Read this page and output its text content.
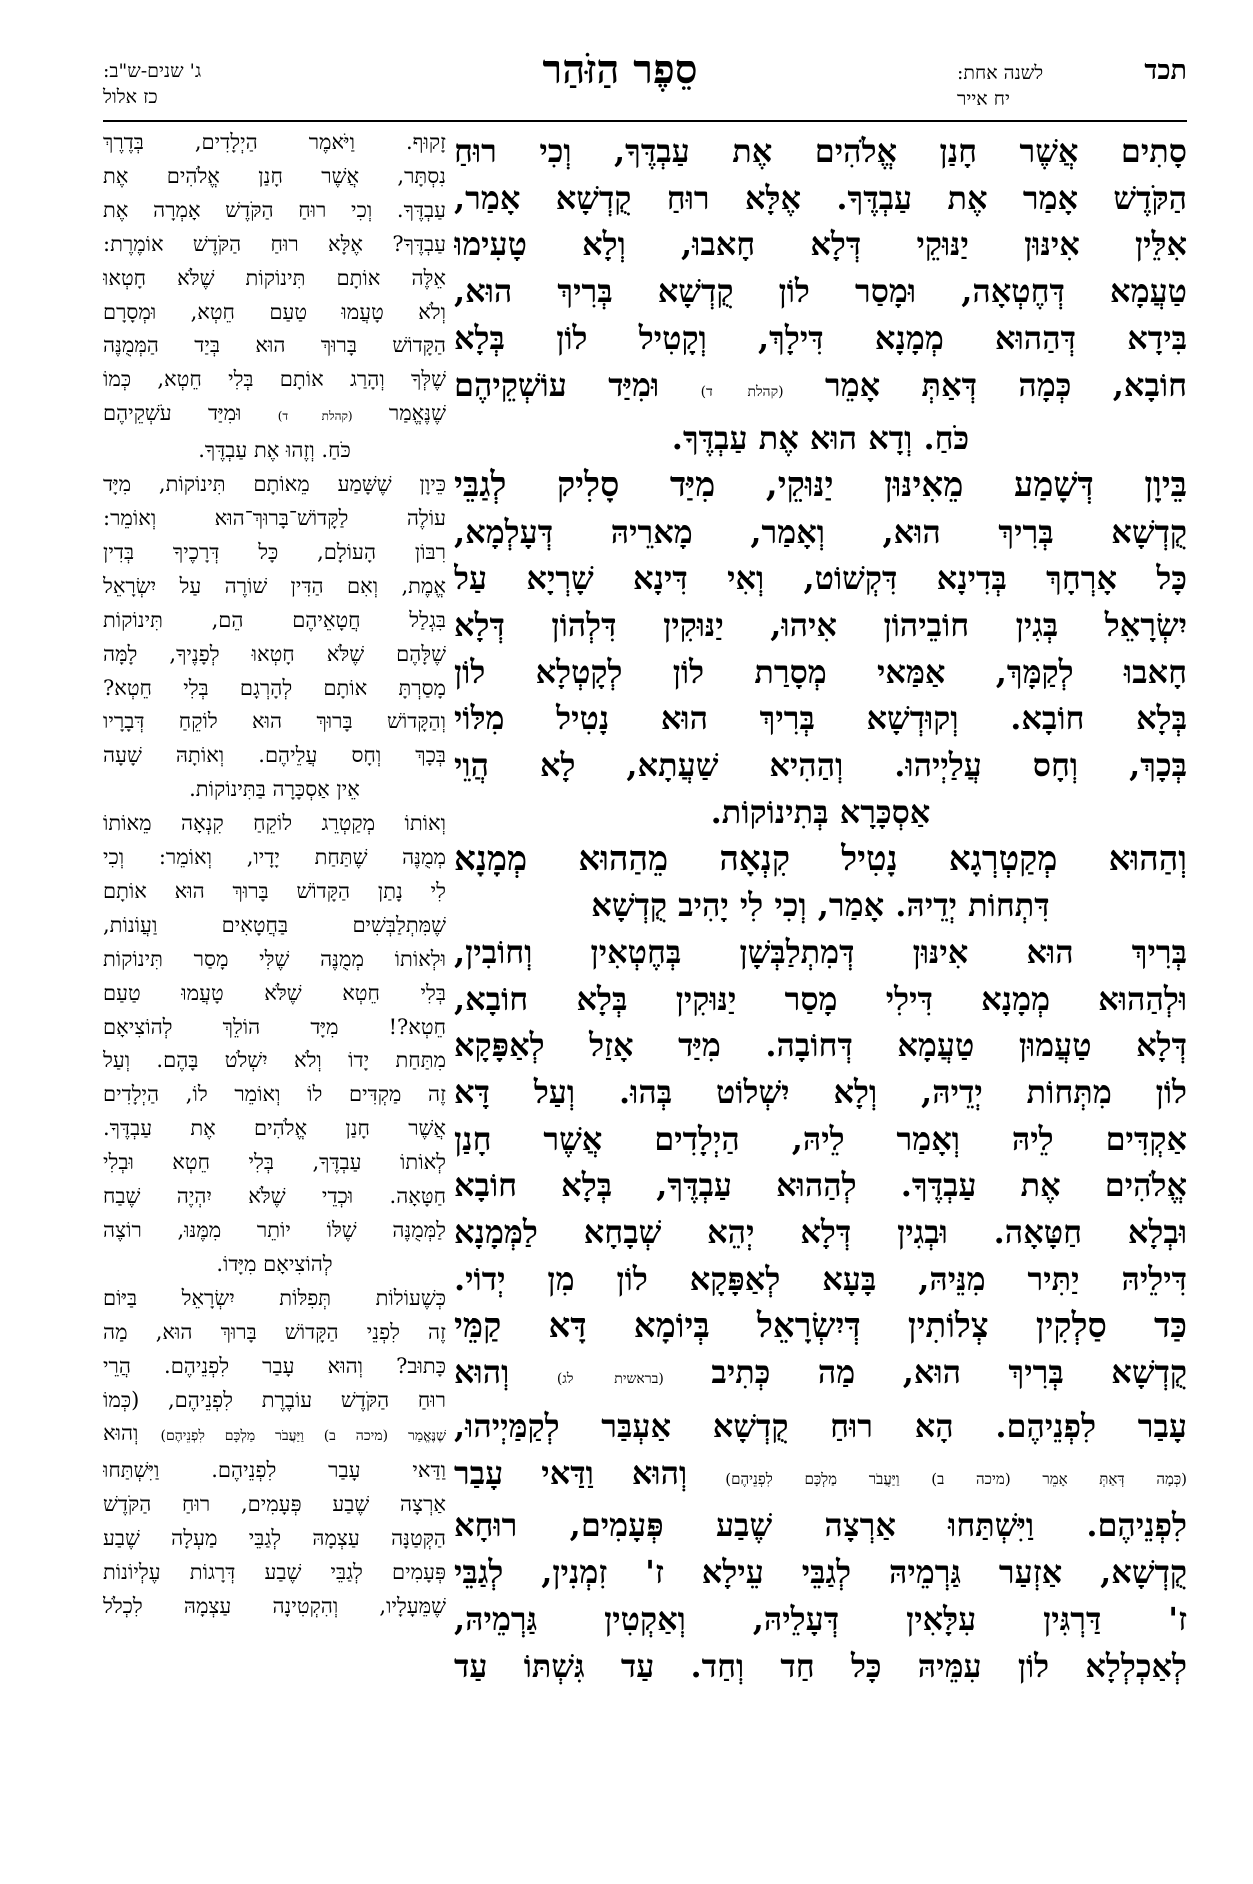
תכד
לשנה אחת:
יח אייר
סֵפֶר הַזֹּהַר
ג' שנים-ש"ב:
כז אלול
סָתִים אֲשֶׁר חָנַן אֱלֹהִים אֶת עַבְדֶּךָ, וְכִי רוּחַ
הַקֹּדֶשׁ אָמַר אֶת עַבְדֶּךָ. אֶלָּא רוּחַ קֻדְשָׁא אָמַר,
אִלֵּין אִינּוּן יַנּוּקֵי דְּלָא חָאבוּ, וְלָא טָעִימוּ
טַעֲמָא דְּחֶטְאָה, וּמָסַר לוֹן קֻדְשָׁא בְּרִיךְ הוּא,
בִּידָא דְּהַהוּא מְמָנָא דִּילָךְ, וְקָטִיל לוֹן בְּלָא
חוֹבָא, כְּמָה דְּאַתְּ אָמֵר (קהלת ד) וּמִיַּד עוֹשְׁקֵיהֶם
כֹּחַ. וְדָא הוּא אֶת עַבְדֶּךָ.
בֵּיוָן דְּשָׁמַע מֵאִינּוּן יַנּוּקֵי, מִיַּד סָלִיק לְגַבֵּי
קֻדְשָׁא בְּרִיךְ הוּא, וְאָמַר, מָארֵיהּ דְּעָלְמָא,
כָּל אָרְחָךְ בְּדִינָא דִּקְשׁוֹט, וְאִי דִּינָא שָׁרְיָא עַל
יִשְׂרָאֵל בְּגִין חוֹבֵיהוֹן אִיהוּ, יַנּוּקִין דִּלְהוֹן דְּלָא
חָאבוּ לְקַמָּךְ, אַמַּאי מְסָרַת לוֹן לְקָטְלָא לוֹן
בְּלָא חוֹבָא. וְקוּדְשָׁא בְּרִיךְ הוּא נָטִיל מִלּוֹי
בְּכָךְ, וְחָס עֲלַיְיהוּ. וְהַהִיא שַׁעֲתָא, לָא הֲוֵי
אַסְכָּרָא בְּתִינוֹקוֹת.
וְהַהוּא מְקַטְרְגָא נָטִיל קִנְאָה מֵהַהוּא מְמָנָא
דִּתְחוֹת יְדֵיהּ. אָמַר, וְכִי לִי יָהִיב קֻדְשָׁא
בְּרִיךְ הוּא אִינּוּן דְּמִתְלַבְּשָׁן בְּחֶטְאִין וְחוֹבִין,
וּלְהַהוּא מְמָנָא דִּילִי מָסַר יַנּוּקִין בְּלָא חוֹבָא,
דְּלָא טַעֲמוּן טַעֲמָא דְּחוֹבָה. מִיַּד אָזַל לְאַפָּקָא
לוֹן מִתְּחוֹת יְדֵיהּ, וְלָא יִשְׁלוֹט בְּהוּ. וְעַל דָּא
אַקְדִּים לֵיהּ וְאָמַר לֵיהּ, הַיְלָדִים אֲשֶׁר חָנַן
אֱלֹהִים אֶת עַבְדֶּךָ. לְהַהוּא עַבְדֶּךָ, בְּלָא חוֹבָא
וּבְלָא חַטָּאָה. וּבְגִין דְּלָא יְהֵא שְׁבָחָא לַמְּמָנָא
דִּילֵיהּ יַתִּיר מִנֵּיהּ, בָּעָא לְאַפָּקָא לוֹן מִן יְדוֹי.
כַּד סַלְקִין צְלוֹתִין דְּיִשְׂרָאֵל בְּיוֹמָא דָּא קַמֵּי
קֻדְשָׁא בְּרִיךְ הוּא, מַה כְּתִיב (בראשית לג) וְהוּא
עָבַר לִפְנֵיהֶם. הָא רוּחַ קֻדְשָׁא אַעְבַּר לְקַמַּיְיהוּ,
(כְּמָה דְּאַתְּ אָמֵר (מיכה ב) וַיַּעֲבֹר מַלְכָּם לִפְנֵיהֶם) וְהוּא וַדַּאי עָבַר
לִפְנֵיהֶם. וַיִּשְׁתַּחוּ אַרְצָה שֶׁבַע פְּעָמִים, רוּחָא
קֻדְשָׁא, אַזְעַר גַּרְמֵיהּ לְגַבֵּי עֵילָא ז' זִמְנִין, לְגַבֵּי
ז' דַּרְגִּין עִלָּאִין דְּעָלֵיהּ, וְאַקְטִין גַּרְמֵיהּ,
לְאַכְלְלָא לוֹן עִמֵּיהּ כָּל חַד וְחַד. עַד גִּשְׁתּוֹ עַד
זָקוּף. וַיֹּאמֶר הַיְלָדִים, בְּדֶרֶךְ
נִסְתָּר, אֲשֶׁר חָנַן אֱלֹהִים אֶת
עַבְדֶּךָ. וְכִי רוּחַ הַקֹּדֶשׁ אָמְרָה אֶת
עַבְדֶּךָ? אֶלָּא רוּחַ הַקֹּדֶשׁ אוֹמֶרֶת:
אֵלֶּה אוֹתָם תִּינוֹקוֹת שֶׁלֹּא חָטְאוּ
וְלֹא טָעֲמוּ טַעַם חֵטְא, וּמְסָרָם
הַקָּדוֹשׁ בָּרוּךְ הוּא בְּיַד הַמְּמֻנֶּה
שֶׁלְּךָ וְהָרַג אוֹתָם בְּלִי חֵטְא, כְּמוֹ
שֶׁנֶּאֱמַר (קהלת ד) וּמִיַּד עֹשְׁקֵיהֶם
כֹּחַ. וְזֶהוּ אֶת עַבְדֶּךָ.
כֵּיוָן שֶׁשָּׁמַע מֵאוֹתָם תִּינוֹקוֹת, מִיָּד
עוֹלֶה לַקָּדוֹשׁ־בָּרוּךְ־הוּא וְאוֹמֵר:
רִבּוֹן הָעוֹלָם, כָּל דְּרָכֶיךָ בְּדִין
אֱמֶת, וְאִם הַדִּין שׁוֹרֶה עַל יִשְׂרָאֵל
בִּגְלַל חֲטָאֵיהֶם הֵם, תִּינוֹקוֹת
שֶׁלָּהֶם שֶׁלֹּא חָטְאוּ לְפָנֶיךָ, לָמָּה
מָסַרְתָּ אוֹתָם לְהָרְגָם בְּלִי חֵטְא?
וְהַקָּדוֹשׁ בָּרוּךְ הוּא לוֹקֵחַ דְּבָרָיו
בְּכָךְ וְחָס עֲלֵיהֶם. וְאוֹתָהּ שָׁעָה
אֵין אַסְכָּרָה בַּתִּינוֹקוֹת.
וְאוֹתוֹ מְקַטְרֵג לוֹקֵחַ קִנְאָה מֵאוֹתוֹ
מְמֻנֶּה שֶׁתַּחַת יָדָיו, וְאוֹמֵר: וְכִי
לִי נָתַן הַקָּדוֹשׁ בָּרוּךְ הוּא אוֹתָם
שֶׁמִּתְלַבְּשִׁים בַּחֲטָאִים וַעֲוֹנוֹת,
וּלְאוֹתוֹ מְמֻנֶּה שֶׁלִּי מָסַר תִּינוֹקוֹת
בְּלִי חֵטְא שֶׁלֹּא טָעֲמוּ טַעַם
חֵטְא?! מִיָּד הוֹלֵךְ לְהוֹצִיאָם
מִתַּחַת יָדוֹ וְלֹא יִשְׁלֹט בָּהֶם. וְעַל
זֶה מַקְדִּים לוֹ וְאוֹמֵר לוֹ, הַיְלָדִים
אֲשֶׁר חָנַן אֱלֹהִים אֶת עַבְדֶּךָ.
לְאוֹתוֹ עַבְדֶּךָ, בְּלִי חֵטְא וּבְלִי
חַטָּאָה. וּכְדֵי שֶׁלֹּא יִהְיֶה שֶׁבַח
לַמְּמֻנֶּה שֶׁלּוֹ יוֹתֵר מִמֶּנּוּ, רוֹצֶה
לְהוֹצִיאָם מִיָּדוֹ.
כְּשֶׁעוֹלוֹת תְּפִלּוֹת יִשְׂרָאֵל בַּיּוֹם
זֶה לִפְנֵי הַקָּדוֹשׁ בָּרוּךְ הוּא, מַה
כָּתוּב? וְהוּא עָבַר לִפְנֵיהֶם. הֲרֵי
רוּחַ הַקֹּדֶשׁ עוֹבֶרֶת לִפְנֵיהֶם, (כְּמוֹ
שֶׁנֶּאֱמַר (מיכה ב) וַיַּעֲבֹר מַלְכָּם לִפְנֵיהֶם) וְהוּא
וַדַּאי עָבַר לִפְנֵיהֶם. וַיִּשְׁתַּחוּ
אַרְצָה שֶׁבַע פְּעָמִים, רוּחַ הַקֹּדֶשׁ
הַקְּטַנָּה עַצְמָהּ לְגַבֵּי מַעְלָה שֶׁבַע
פְּעָמִים לְגַבֵּי שֶׁבַע דְּרָגוֹת עֶלְיוֹנוֹת
שֶׁמֵּעָלָיו, וְהִקְטִינָה עַצְמָהּ לִכְלֹל
